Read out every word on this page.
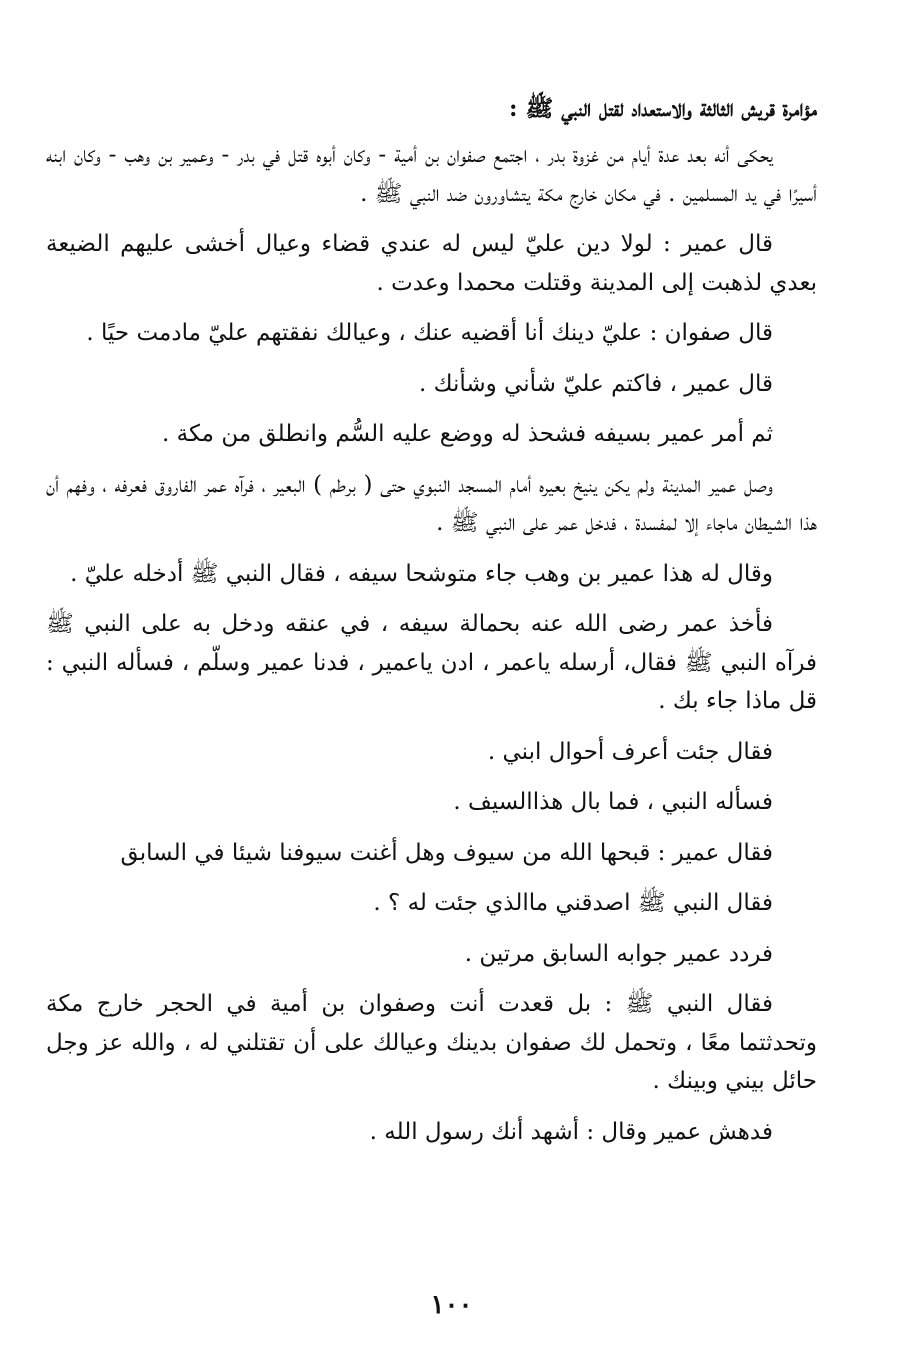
مؤامرة قريش الثالثة والاستعداد لقتل النبي ﷺ :

يحكى أنه بعد عدة أيام من غزوة بدر ، اجتمع صفوان بن أمية - وكان أبوه قتل في بدر - وعمير بن وهب - وكان ابنه أسيرًا في يد المسلمين . في مكان خارج مكة يتشاورون ضد النبي ﷺ .

قال عمير : لولا دين عليّ ليس له عندي قضاء وعيال أخشى عليهم الضيعة بعدي لذهبت إلى المدينة وقتلت محمدا وعدت .

قال صفوان : عليّ دينك أنا أقضيه عنك ، وعيالك نفقتهم عليّ مادمت حيًا .

قال عمير ، فاكتم عليّ شأني وشأنك .

ثم أمر عمير بسيفه فشحذ له ووضع عليه السُّم وانطلق من مكة .

وصل عمير المدينة ولم يكن ينيخ بعيره أمام المسجد النبوي حتى ( برطم ) البعير ، فرآه عمر الفاروق فعرفه ، وفهم أن هذا الشيطان ماجاء إلا لمفسدة ، فدخل عمر على النبي ﷺ .

وقال له هذا عمير بن وهب جاء متوشحا سيفه ، فقال النبي ﷺ أدخله عليّ .

فأخذ عمر رضى الله عنه بحمالة سيفه ، في عنقه ودخل به على النبي ﷺ فرآه النبي ﷺ فقال، أرسله ياعمر ، ادن ياعمير ، فدنا عمير وسلّم ، فسأله النبي : قل ماذا جاء بك .

فقال جئت أعرف أحوال ابني .

فسأله النبي ، فما بال هذاالسيف .

فقال عمير : قبحها الله من سيوف وهل أغنت سيوفنا شيئا في السابق

فقال النبي ﷺ اصدقني ماالذي جئت له ؟ .

فردد عمير جوابه السابق مرتين .

فقال النبي ﷺ : بل قعدت أنت وصفوان بن أمية في الحجر خارج مكة وتحدثتما معًا ، وتحمل لك صفوان بدينك وعيالك على أن تقتلني له ، والله عز وجل حائل بيني وبينك .

فدهش عمير وقال : أشهد أنك رسول الله .

١٠٠
